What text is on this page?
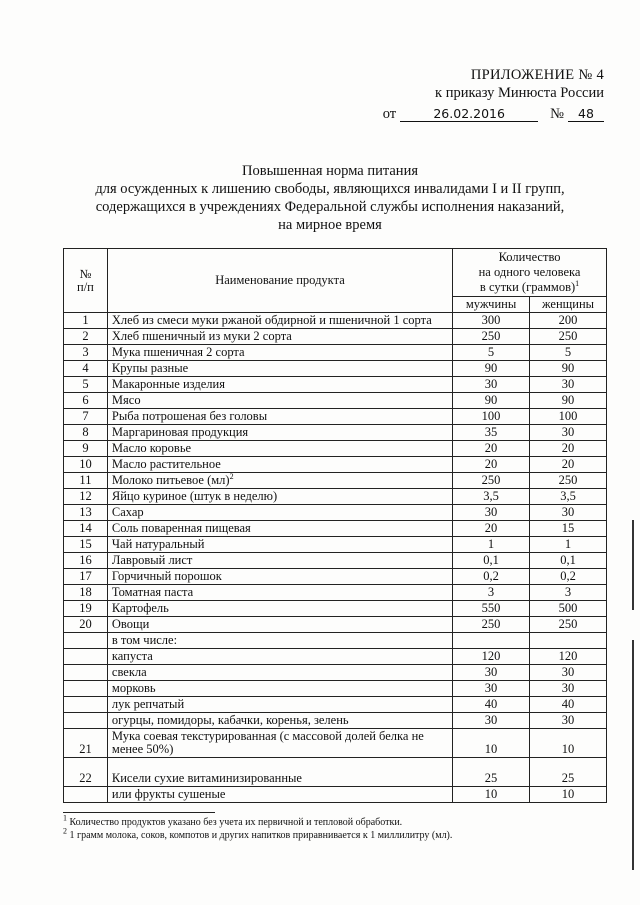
ПРИЛОЖЕНИЕ № 4
к приказу Минюста России
от	26.02.2016	№	48
Повышенная норма питания
для осужденных к лишению свободы, являющихся инвалидами I и II групп,
содержащихся в учреждениях Федеральной службы исполнения наказаний,
на мирное время
№
п/п	Наименование продукта	Количество
на одного человека
в сутки (граммов)$^1$
		мужчины	женщины
1	Хлеб из смеси муки ржаной обдирной и пшеничной 1 сорта	300	200
2	Хлеб пшеничный из муки 2 сорта	250	250
3	Мука пшеничная 2 сорта	5	5
4	Крупы разные	90	90
5	Макаронные изделия	30	30
6	Мясо	90	90
7	Рыба потрошеная без головы	100	100
8	Маргариновая продукция	35	30
9	Масло коровье	20	20
10	Масло растительное	20	20
11	Молоко питьевое (мл)$^2$	250	250
12	Яйцо куриное (штук в неделю)	3,5	3,5
13	Сахар	30	30
14	Соль поваренная пищевая	20	15
15	Чай натуральный	1	1
16	Лавровый лист	0,1	0,1
17	Горчичный порошок	0,2	0,2
18	Томатная паста	3	3
19	Картофель	550	500
20	Овощи	250	250
	в том числе:		
	капуста	120	120
	свекла	30	30
	морковь	30	30
	лук репчатый	40	40
	огурцы, помидоры, кабачки, коренья, зелень	30	30
21	Мука соевая текстурированная (с массовой долей белка не менее 50%)	10	10
22	Кисели сухие витаминизированные	25	25
	или фрукты сушеные	10	10
$^1$ Количество продуктов указано без учета их первичной и тепловой обработки.
$^2$ 1 грамм молока, соков, компотов и других напитков приравнивается к 1 миллилитру (мл).
